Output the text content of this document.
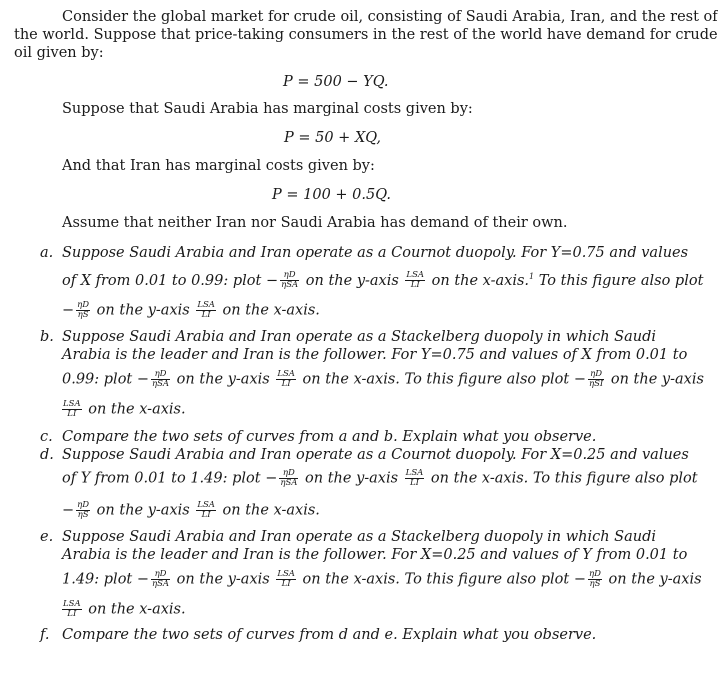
Consider the global market for crude oil, consisting of Saudi Arabia, Iran, and the rest of
the world. Suppose that price-taking consumers in the rest of the world have demand for crude
oil given by:
P = 500 − YQ.
Suppose that Saudi Arabia has marginal costs given by:
P = 50 + XQ,
And that Iran has marginal costs given by:
P = 100 + 0.5Q.
Assume that neither Iran nor Saudi Arabia has demand of their own.
a. Suppose Saudi Arabia and Iran operate as a Cournot duopoly. For Y=0.75 and values
of X from 0.01 to 0.99: plot − $\frac{\eta D}{\text{ηSA}}$ on the y-axis $\frac{\text{LSA}}{LI}$ on the x-axis.$^1$ To this figure also plot
− $\frac{\eta D}{\eta S}$ on the y-axis $\frac{\text{LSA}}{LI}$ on the x-axis.
b. Suppose Saudi Arabia and Iran operate as a Stackelberg duopoly in which Saudi
Arabia is the leader and Iran is the follower. For Y=0.75 and values of X from 0.01 to
0.99: plot − $\frac{\eta D}{\text{ηSA}}$ on the y-axis $\frac{\text{LSA}}{LI}$ on the x-axis. To this figure also plot − $\frac{\eta D}{\text{ηSI}}$ on the y-axis
$\frac{\text{LSA}}{LI}$ on the x-axis.
c. Compare the two sets of curves from a and b. Explain what you observe.
d. Suppose Saudi Arabia and Iran operate as a Cournot duopoly. For X=0.25 and values
of Y from 0.01 to 1.49: plot − $\frac{\eta D}{\text{ηSA}}$ on the y-axis $\frac{\text{LSA}}{LI}$ on the x-axis. To this figure also plot
− $\frac{\eta D}{\eta S}$ on the y-axis $\frac{\text{LSA}}{LI}$ on the x-axis.
e. Suppose Saudi Arabia and Iran operate as a Stackelberg duopoly in which Saudi
Arabia is the leader and Iran is the follower. For X=0.25 and values of Y from 0.01 to
1.49: plot − $\frac{\eta D}{\text{ηSA}}$ on the y-axis $\frac{\text{LSA}}{LI}$ on the x-axis. To this figure also plot − $\frac{\eta D}{\eta S}$ on the y-axis
$\frac{\text{LSA}}{LI}$ on the x-axis.
f. Compare the two sets of curves from d and e. Explain what you observe.
